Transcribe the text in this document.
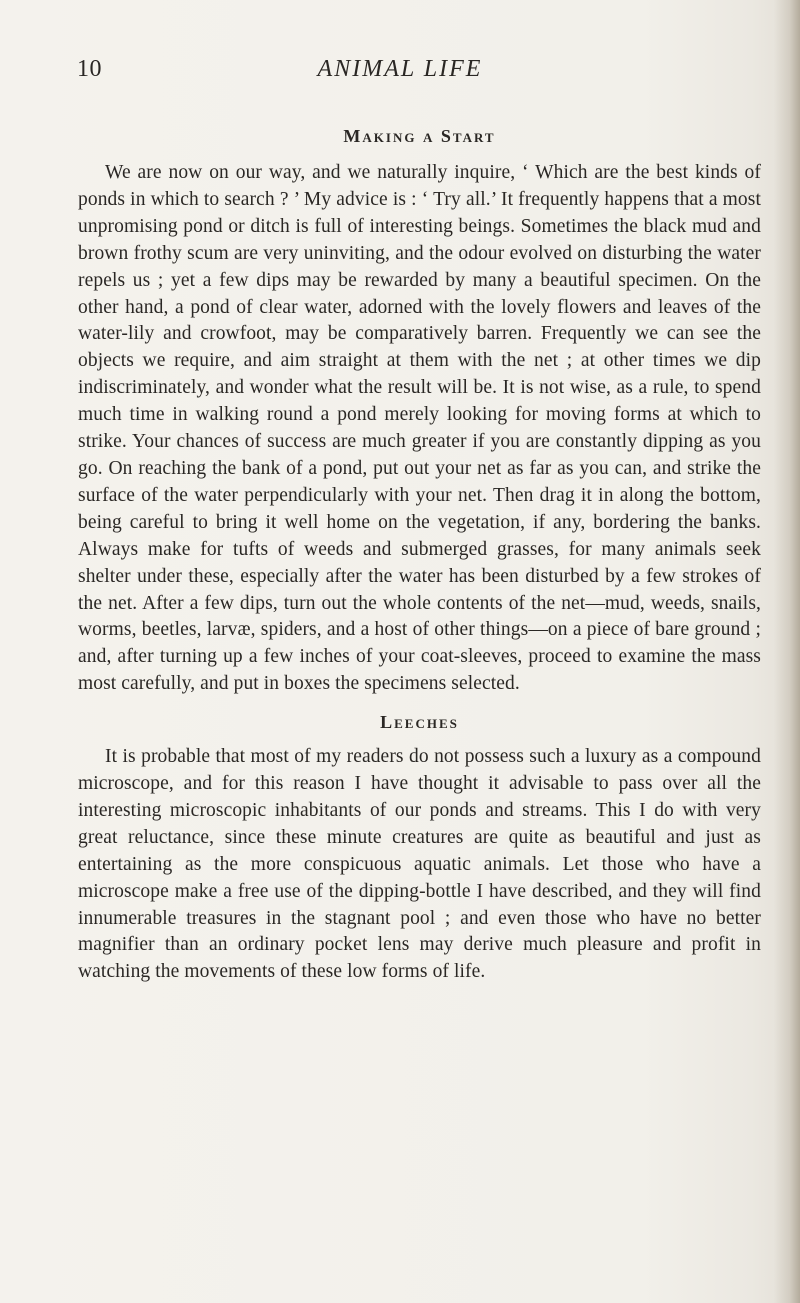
10	ANIMAL LIFE
Making a Start

We are now on our way, and we naturally inquire, ‘ Which are the best kinds of ponds in which to search ? ’ My advice is : ‘ Try all.’ It frequently happens that a most unpromising pond or ditch is full of interesting beings. Sometimes the black mud and brown frothy scum are very uninviting, and the odour evolved on disturbing the water repels us ; yet a few dips may be rewarded by many a beautiful specimen. On the other hand, a pond of clear water, adorned with the lovely flowers and leaves of the water-lily and crowfoot, may be comparatively barren. Frequently we can see the objects we require, and aim straight at them with the net ; at other times we dip indiscriminately, and wonder what the result will be. It is not wise, as a rule, to spend much time in walking round a pond merely looking for moving forms at which to strike. Your chances of success are much greater if you are constantly dipping as you go. On reaching the bank of a pond, put out your net as far as you can, and strike the surface of the water perpendicularly with your net. Then drag it in along the bottom, being careful to bring it well home on the vegetation, if any, bordering the banks. Always make for tufts of weeds and submerged grasses, for many animals seek shelter under these, especially after the water has been disturbed by a few strokes of the net. After a few dips, turn out the whole contents of the net—mud, weeds, snails, worms, beetles, larvæ, spiders, and a host of other things—on a piece of bare ground ; and, after turning up a few inches of your coat-sleeves, proceed to examine the mass most carefully, and put in boxes the specimens selected.

Leeches

It is probable that most of my readers do not possess such a luxury as a compound microscope, and for this reason I have thought it advisable to pass over all the interesting microscopic inhabitants of our ponds and streams. This I do with very great reluctance, since these minute creatures are quite as beautiful and just as entertaining as the more conspicuous aquatic animals. Let those who have a microscope make a free use of the dipping-bottle I have described, and they will find innumerable treasures in the stagnant pool ; and even those who have no better magnifier than an ordinary pocket lens may derive much pleasure and profit in watching the movements of these low forms of life.
